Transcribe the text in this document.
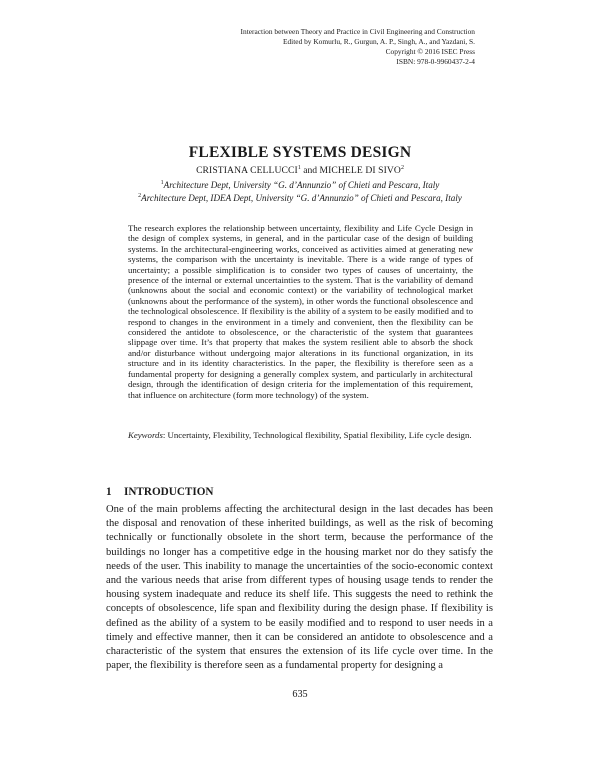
Interaction between Theory and Practice in Civil Engineering and Construction
Edited by Komurlu, R., Gurgun, A. P., Singh, A., and Yazdani, S.
Copyright © 2016 ISEC Press
ISBN: 978-0-9960437-2-4
FLEXIBLE SYSTEMS DESIGN
CRISTIANA CELLUCCI$^1$ and MICHELE DI SIVO$^2$
$^1$Architecture Dept, University “G. d’Annunzio” of Chieti and Pescara, Italy
$^2$Architecture Dept, IDEA Dept, University “G. d’Annunzio” of Chieti and Pescara, Italy
The research explores the relationship between uncertainty, flexibility and Life Cycle Design in the design of complex systems, in general, and in the particular case of the design of building systems. In the architectural-engineering works, conceived as activities aimed at generating new systems, the comparison with the uncertainty is inevitable. There is a wide range of types of uncertainty; a possible simplification is to consider two types of causes of uncertainty, the presence of the internal or external uncertainties to the system. That is the variability of demand (unknowns about the social and economic context) or the variability of technological market (unknowns about the performance of the system), in other words the functional obsolescence and the technological obsolescence. If flexibility is the ability of a system to be easily modified and to respond to changes in the environment in a timely and convenient, then the flexibility can be considered the antidote to obsolescence, or the characteristic of the system that guarantees slippage over time. It’s that property that makes the system resilient able to absorb the shock and/or disturbance without undergoing major alterations in its functional organization, in its structure and in its identity characteristics. In the paper, the flexibility is therefore seen as a fundamental property for designing a generally complex system, and particularly in architectural design, through the identification of design criteria for the implementation of this requirement, that influence on architecture (form more technology) of the system.
Keywords: Uncertainty, Flexibility, Technological flexibility, Spatial flexibility, Life cycle design.
1 INTRODUCTION
One of the main problems affecting the architectural design in the last decades has been the disposal and renovation of these inherited buildings, as well as the risk of becoming technically or functionally obsolete in the short term, because the performance of the buildings no longer has a competitive edge in the housing market nor do they satisfy the needs of the user. This inability to manage the uncertainties of the socio-economic context and the various needs that arise from different types of housing usage tends to render the housing system inadequate and reduce its shelf life. This suggests the need to rethink the concepts of obsolescence, life span and flexibility during the design phase. If flexibility is defined as the ability of a system to be easily modified and to respond to user needs in a timely and effective manner, then it can be considered an antidote to obsolescence and a characteristic of the system that ensures the extension of its life cycle over time. In the paper, the flexibility is therefore seen as a fundamental property for designing a
635
